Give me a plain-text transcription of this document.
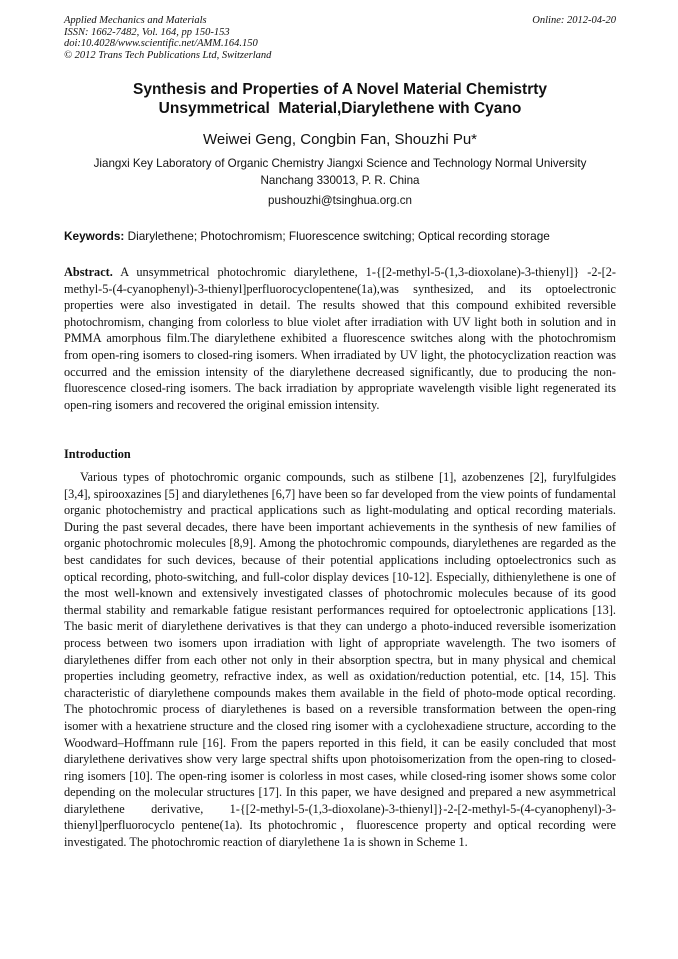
Applied Mechanics and Materials
ISSN: 1662-7482, Vol. 164, pp 150-153
doi:10.4028/www.scientific.net/AMM.164.150
© 2012 Trans Tech Publications Ltd, Switzerland
Online: 2012-04-20
Synthesis and Properties of A Novel Material Chemistrty
Unsymmetrical  Material,Diarylethene with Cyano
Weiwei Geng, Congbin Fan, Shouzhi Pu*
Jiangxi Key Laboratory of Organic Chemistry Jiangxi Science and Technology Normal University
Nanchang 330013, P. R. China
pushouzhi@tsinghua.org.cn
Keywords: Diarylethene; Photochromism; Fluorescence switching; Optical recording storage
Abstract. A unsymmetrical photochromic diarylethene, 1-{[2-methyl-5-(1,3-dioxolane)-3-thienyl]} -2-[2-methyl-5-(4-cyanophenyl)-3-thienyl]perfluorocyclopentene(1a),was synthesized, and its optoelectronic properties were also investigated in detail. The results showed that this compound exhibited reversible photochromism, changing from colorless to blue violet after irradiation with UV light both in solution and in PMMA amorphous film.The diarylethene exhibited a fluorescence switches along with the photochromism from open-ring isomers to closed-ring isomers. When irradiated by UV light, the photocyclization reaction was occurred and the emission intensity of the diarylethene decreased significantly, due to producing the non-fluorescence closed-ring isomers. The back irradiation by appropriate wavelength visible light regenerated its open-ring isomers and recovered the original emission intensity.
Introduction
Various types of photochromic organic compounds, such as stilbene [1], azobenzenes [2], furylfulgides [3,4], spirooxazines [5] and diarylethenes [6,7] have been so far developed from the view points of fundamental organic photochemistry and practical applications such as light-modulating and optical recording materials. During the past several decades, there have been important achievements in the synthesis of new families of organic photochromic molecules [8,9]. Among the photochromic compounds, diarylethenes are regarded as the best candidates for such devices, because of their potential applications including optoelectronics such as optical recording, photo-switching, and full-color display devices [10-12]. Especially, dithienylethene is one of the most well-known and extensively investigated classes of photochromic molecules because of its good thermal stability and remarkable fatigue resistant performances required for optoelectronic applications [13]. The basic merit of diarylethene derivatives is that they can undergo a photo-induced reversible isomerization process between two isomers upon irradiation with light of appropriate wavelength. The two isomers of diarylethenes differ from each other not only in their absorption spectra, but in many physical and chemical properties including geometry, refractive index, as well as oxidation/reduction potential, etc. [14, 15]. This characteristic of diarylethene compounds makes them available in the field of photo-mode optical recording. The photochromic process of diarylethenes is based on a reversible transformation between the open-ring isomer with a hexatriene structure and the closed ring isomer with a cyclohexadiene structure, according to the Woodward–Hoffmann rule [16]. From the papers reported in this field, it can be easily concluded that most diarylethene derivatives show very large spectral shifts upon photoisomerization from the open-ring to closed-ring isomers [10]. The open-ring isomer is colorless in most cases, while closed-ring isomer shows some color depending on the molecular structures [17]. In this paper, we have designed and prepared a new asymmetrical diarylethene derivative, 1-{[2-methyl-5-(1,3-dioxolane)-3-thienyl]}-2-[2-methyl-5-(4-cyanophenyl)-3-thienyl]perfluorocyclo pentene(1a). Its photochromic，fluorescence property and optical recording were investigated. The photochromic reaction of diarylethene 1a is shown in Scheme 1.
